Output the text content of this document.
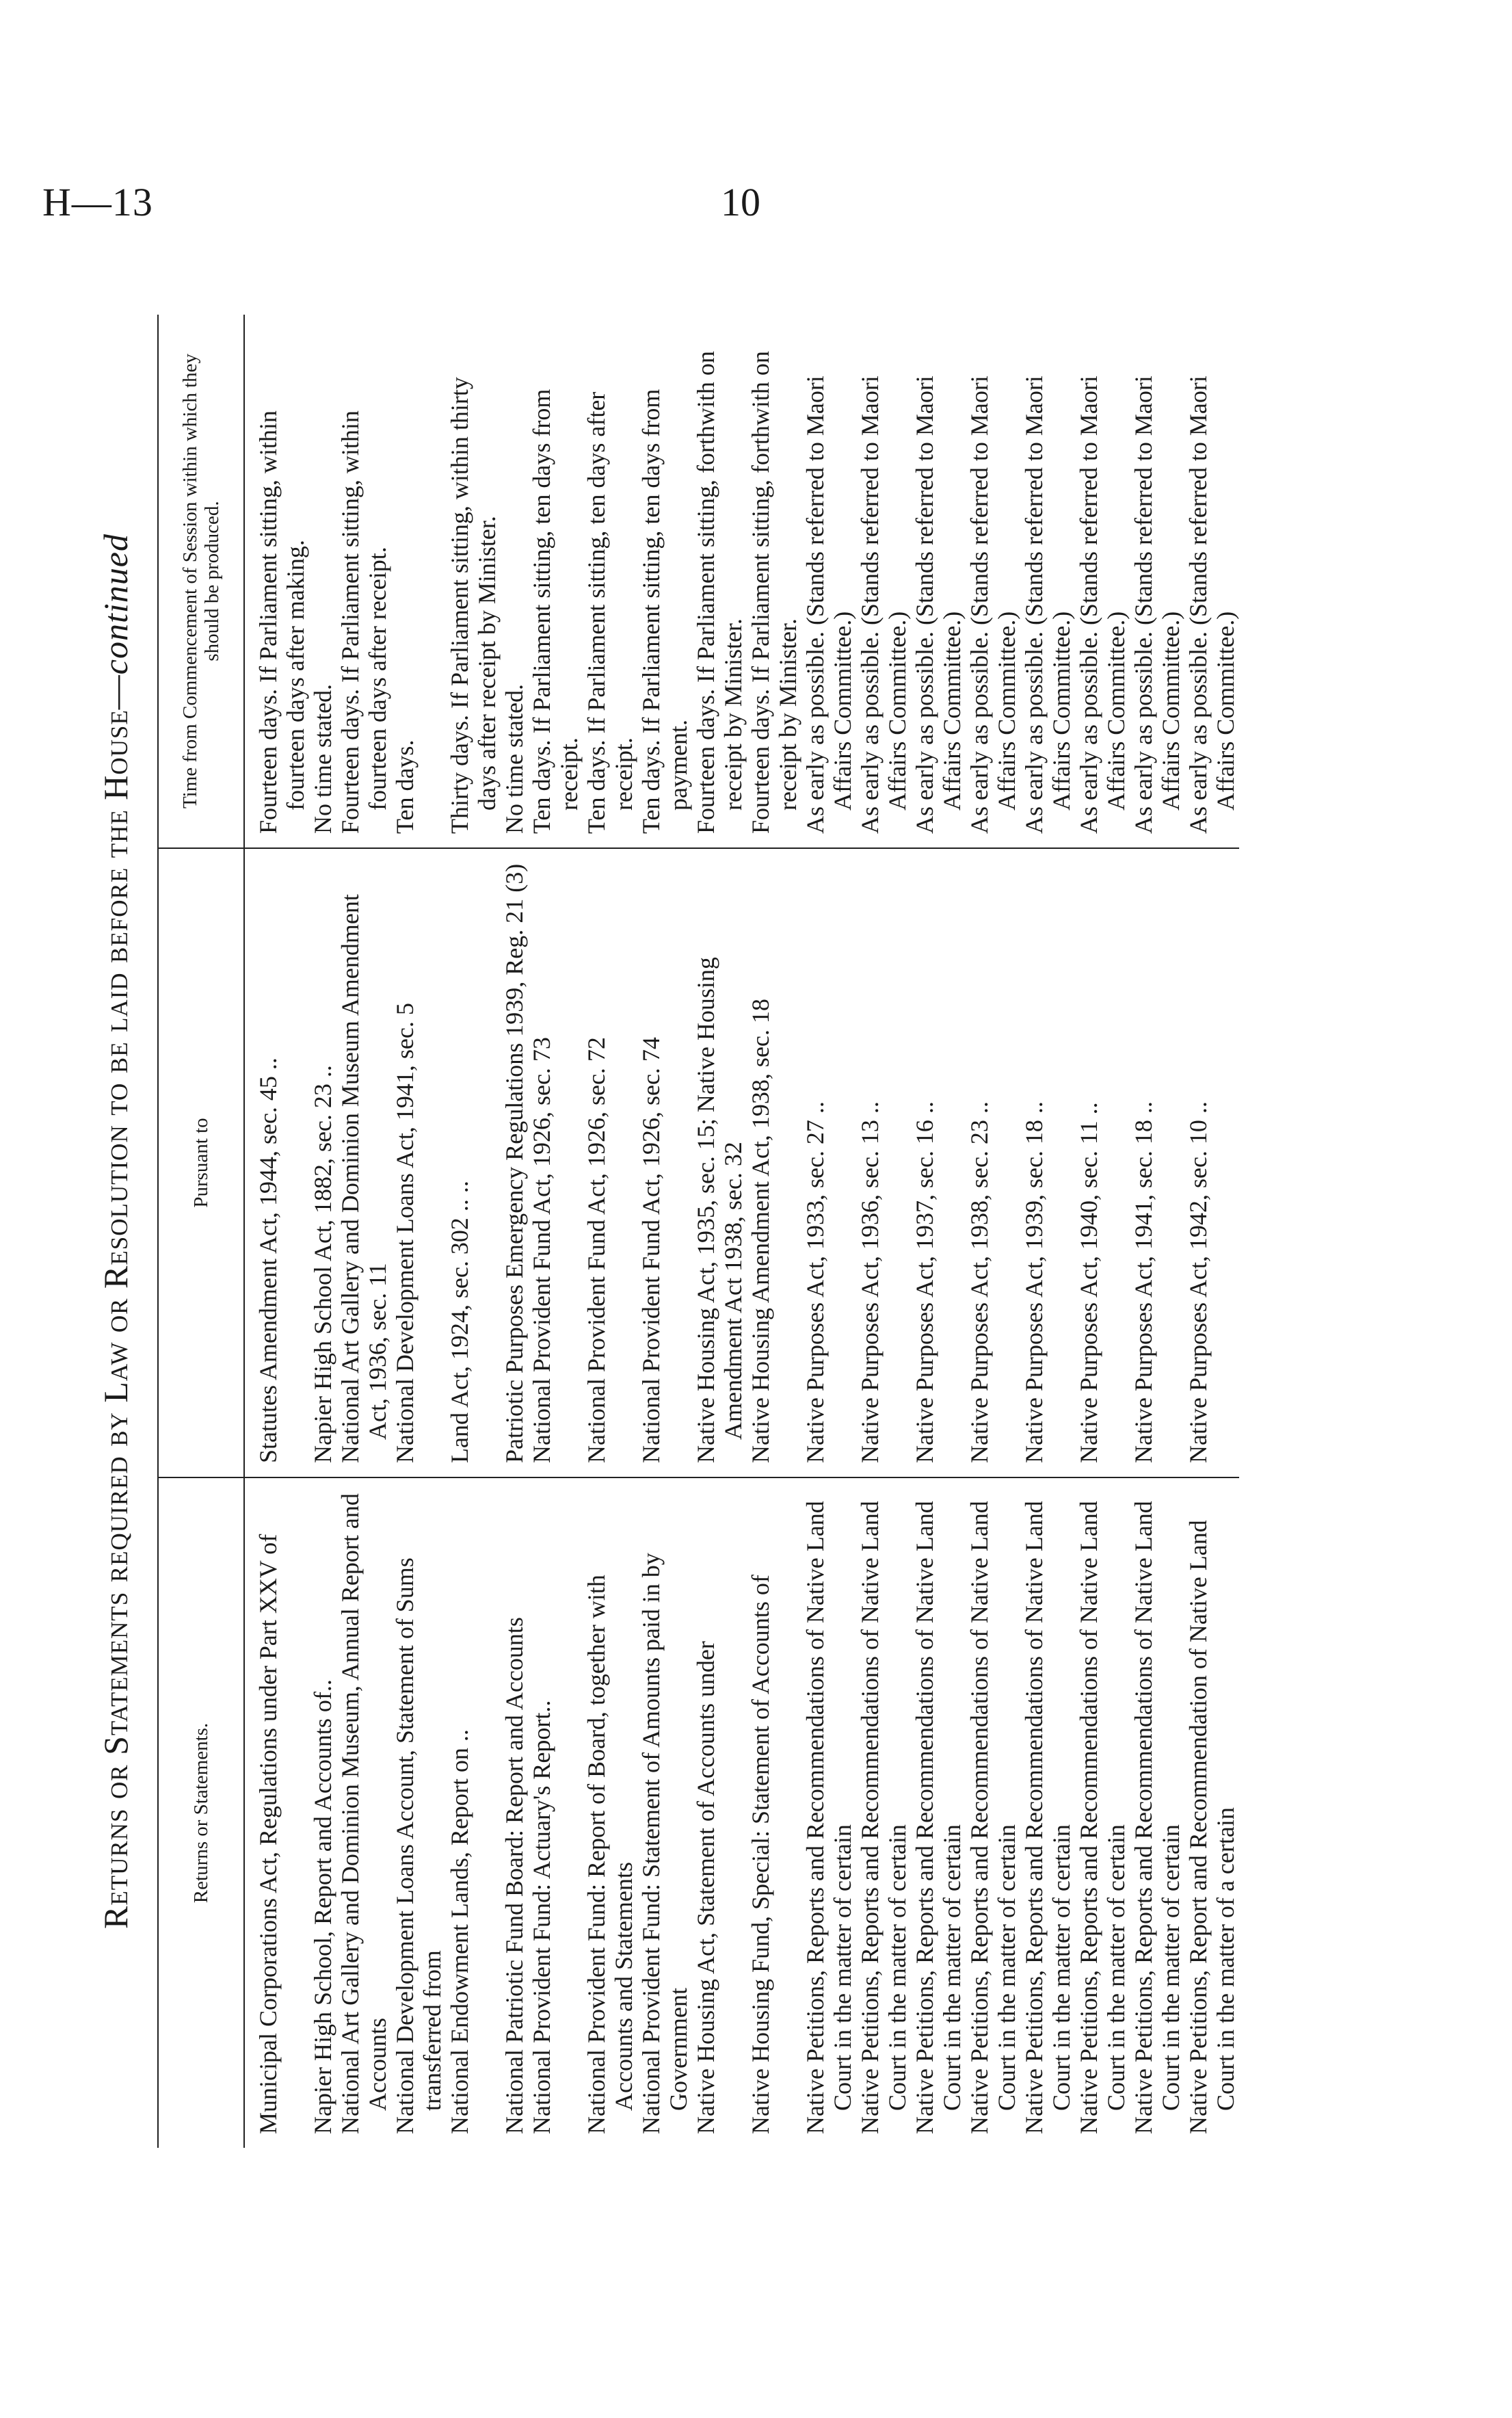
H—13	10
Returns or Statements required by Law or Resolution to be laid before the House—continued
Returns or Statements.	Pursuant to	Time from Commencement of Session within which they should be produced.
Municipal Corporations Act, Regulations under Part XXV of	Statutes Amendment Act, 1944, sec. 45 ..	Fourteen days. If Parliament sitting, within fourteen days after making.
Napier High School, Report and Accounts of..	Napier High School Act, 1882, sec. 23 ..	No time stated.
National Art Gallery and Dominion Museum, Annual Report and Accounts	National Art Gallery and Dominion Museum Amendment Act, 1936, sec. 11	Fourteen days. If Parliament sitting, within fourteen days after receipt.
National Development Loans Account, Statement of Sums transferred from	National Development Loans Act, 1941, sec. 5	Ten days.
National Endowment Lands, Report on ..	Land Act, 1924, sec. 302 .. ..	Thirty days. If Parliament sitting, within thirty days after receipt by Minister.
National Patriotic Fund Board: Report and Accounts	Patriotic Purposes Emergency Regulations 1939, Reg. 21 (3)	No time stated.
National Provident Fund: Actuary's Report..	National Provident Fund Act, 1926, sec. 73	Ten days. If Parliament sitting, ten days from receipt.
National Provident Fund: Report of Board, together with Accounts and Statements	National Provident Fund Act, 1926, sec. 72	Ten days. If Parliament sitting, ten days after receipt.
National Provident Fund: Statement of Amounts paid in by Government	National Provident Fund Act, 1926, sec. 74	Ten days. If Parliament sitting, ten days from payment.
Native Housing Act, Statement of Accounts under	Native Housing Act, 1935, sec. 15; Native Housing Amendment Act 1938, sec. 32	Fourteen days. If Parliament sitting, forthwith on receipt by Minister.
Native Housing Fund, Special: Statement of Accounts of	Native Housing Amendment Act, 1938, sec. 18	Fourteen days. If Parliament sitting, forthwith on receipt by Minister.
Native Petitions, Reports and Recommendations of Native Land Court in the matter of certain	Native Purposes Act, 1933, sec. 27 ..	As early as possible. (Stands referred to Maori Affairs Committee.)
Native Petitions, Reports and Recommendations of Native Land Court in the matter of certain	Native Purposes Act, 1936, sec. 13 ..	As early as possible. (Stands referred to Maori Affairs Committee.)
Native Petitions, Reports and Recommendations of Native Land Court in the matter of certain	Native Purposes Act, 1937, sec. 16 ..	As early as possible. (Stands referred to Maori Affairs Committee.)
Native Petitions, Reports and Recommendations of Native Land Court in the matter of certain	Native Purposes Act, 1938, sec. 23 ..	As early as possible. (Stands referred to Maori Affairs Committee.)
Native Petitions, Reports and Recommendations of Native Land Court in the matter of certain	Native Purposes Act, 1939, sec. 18 ..	As early as possible. (Stands referred to Maori Affairs Committee.)
Native Petitions, Reports and Recommendations of Native Land Court in the matter of certain	Native Purposes Act, 1940, sec. 11 ..	As early as possible. (Stands referred to Maori Affairs Committee.)
Native Petitions, Reports and Recommendations of Native Land Court in the matter of certain	Native Purposes Act, 1941, sec. 18 ..	As early as possible. (Stands referred to Maori Affairs Committee.)
Native Petitions, Report and Recommendation of Native Land Court in the matter of a certain	Native Purposes Act, 1942, sec. 10 ..	As early as possible. (Stands referred to Maori Affairs Committee.)
